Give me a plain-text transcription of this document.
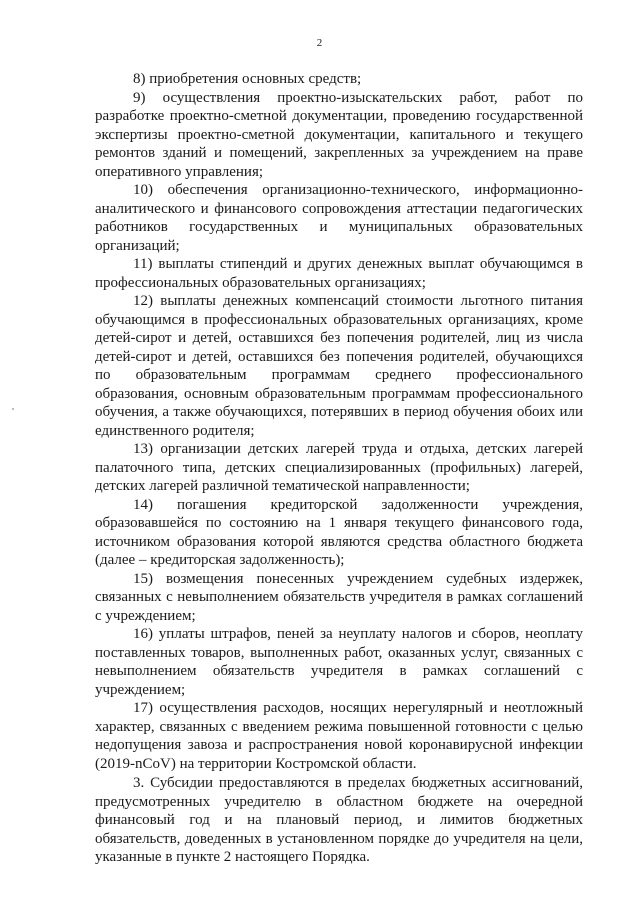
2

8) приобретения основных средств;

9) осуществления проектно-изыскательских работ, работ по разработке проектно-сметной документации, проведению государственной экспертизы проектно-сметной документации, капитального и текущего ремонтов зданий и помещений, закрепленных за учреждением на праве оперативного управления;

10) обеспечения организационно-технического, информационно-аналитического и финансового сопровождения аттестации педагогических работников государственных и муниципальных образовательных организаций;

11) выплаты стипендий и других денежных выплат обучающимся в профессиональных образовательных организациях;

12) выплаты денежных компенсаций стоимости льготного питания обучающимся в профессиональных образовательных организациях, кроме детей-сирот и детей, оставшихся без попечения родителей, лиц из числа детей-сирот и детей, оставшихся без попечения родителей, обучающихся по образовательным программам среднего профессионального образования, основным образовательным программам профессионального обучения, а также обучающихся, потерявших в период обучения обоих или единственного родителя;

13) организации детских лагерей труда и отдыха, детских лагерей палаточного типа, детских специализированных (профильных) лагерей, детских лагерей различной тематической направленности;

14) погашения кредиторской задолженности учреждения, образовавшейся по состоянию на 1 января текущего финансового года, источником образования которой являются средства областного бюджета (далее – кредиторская задолженность);

15) возмещения понесенных учреждением судебных издержек, связанных с невыполнением обязательств учредителя в рамках соглашений с учреждением;

16) уплаты штрафов, пеней за неуплату налогов и сборов, неоплату поставленных товаров, выполненных работ, оказанных услуг, связанных с невыполнением обязательств учредителя в рамках соглашений с учреждением;

17) осуществления расходов, носящих нерегулярный и неотложный характер, связанных с введением режима повышенной готовности с целью недопущения завоза и распространения новой коронавирусной инфекции (2019-nCoV) на территории Костромской области.

3. Субсидии предоставляются в пределах бюджетных ассигнований, предусмотренных учредителю в областном бюджете на очередной финансовый год и на плановый период, и лимитов бюджетных обязательств, доведенных в установленном порядке до учредителя на цели, указанные в пункте 2 настоящего Порядка.
